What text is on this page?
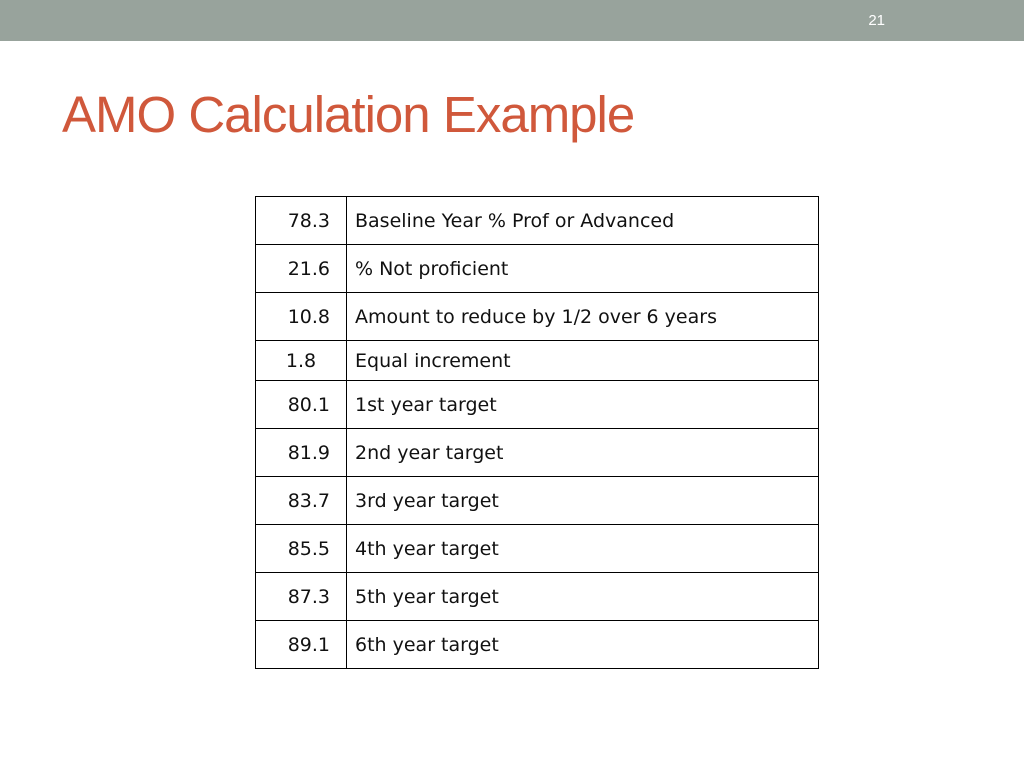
21
AMO Calculation Example
78.3	Baseline Year % Prof or Advanced
21.6	% Not proficient
10.8	Amount to reduce by 1/2 over 6 years
1.8	Equal increment
80.1	1st year target
81.9	2nd year target
83.7	3rd year target
85.5	4th year target
87.3	5th year target
89.1	6th year target
